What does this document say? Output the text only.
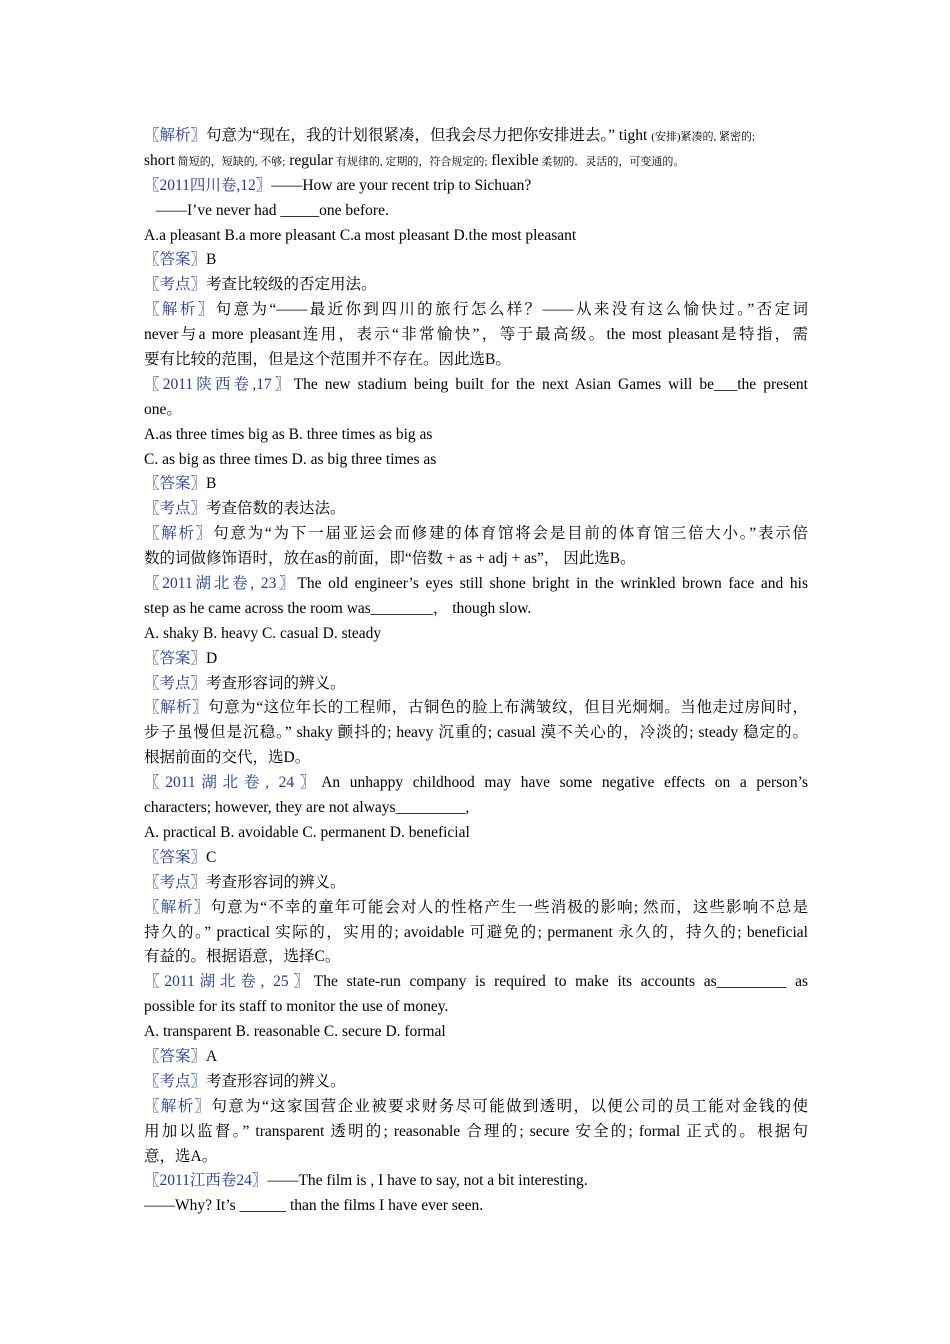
〖解析〗句意为“现在，我的计划很紧凑，但我会尽力把你安排进去。” tight (安排)紧凑的, 紧密的;
short 简短的，短缺的, 不够; regular 有规律的, 定期的，符合规定的; flexible 柔韧的．灵活的，可变通的。
〖2011四川卷,12〗——How are your recent trip to Sichuan?
——I’ve never had _____one before.
A.a pleasant B.a more pleasant C.a most pleasant D.the most pleasant
〖答案〗B
〖考点〗考查比较级的否定用法。
〖解析〗句意为“——最近你到四川的旅行怎么样？——从来没有这么愉快过。”否定词
never与a more pleasant连用，表示“非常愉快”，等于最高级。the most pleasant是特指，需
要有比较的范围，但是这个范围并不存在。因此选B。
〖2011陕西卷,17〗The new stadium being built for the next Asian Games will be___the present
one。
A.as three times big as B. three times as big as
C. as big as three times D. as big three times as
〖答案〗B
〖考点〗考查倍数的表达法。
〖解析〗句意为“为下一届亚运会而修建的体育馆将会是目前的体育馆三倍大小。”表示倍
数的词做修饰语时，放在as的前面，即“倍数 + as + adj + as”， 因此选B。
〖2011湖北卷, 23〗The old engineer’s eyes still shone bright in the wrinkled brown face and his
step as he came across the room was________， though slow.
A. shaky B. heavy C. casual D. steady
〖答案〗D
〖考点〗考查形容词的辨义。
〖解析〗句意为“这位年长的工程师，古铜色的脸上布满皱纹，但目光炯炯。当他走过房间时，
步子虽慢但是沉稳。” shaky 颤抖的; heavy 沉重的; casual 漠不关心的，冷淡的; steady 稳定的。
根据前面的交代，选D。
〖2011湖北卷, 24〗An unhappy childhood may have some negative effects on a person’s
characters; however, they are not always_________,
A. practical B. avoidable C. permanent D. beneficial
〖答案〗C
〖考点〗考查形容词的辨义。
〖解析〗句意为“不幸的童年可能会对人的性格产生一些消极的影响; 然而，这些影响不总是
持久的。” practical 实际的，实用的; avoidable 可避免的; permanent 永久的，持久的; beneficial
有益的。根据语意，选择C。
〖2011湖北卷, 25〗The state-run company is required to make its accounts as_________ as
possible for its staff to monitor the use of money.
A. transparent B. reasonable C. secure D. formal
〖答案〗A
〖考点〗考查形容词的辨义。
〖解析〗句意为“这家国营企业被要求财务尽可能做到透明，以便公司的员工能对金钱的使
用加以监督。” transparent 透明的; reasonable 合理的; secure 安全的; formal 正式的。根据句
意，选A。
〖2011江西卷24〗——The film is , I have to say, not a bit interesting.
——Why? It’s ______ than the films I have ever seen.
